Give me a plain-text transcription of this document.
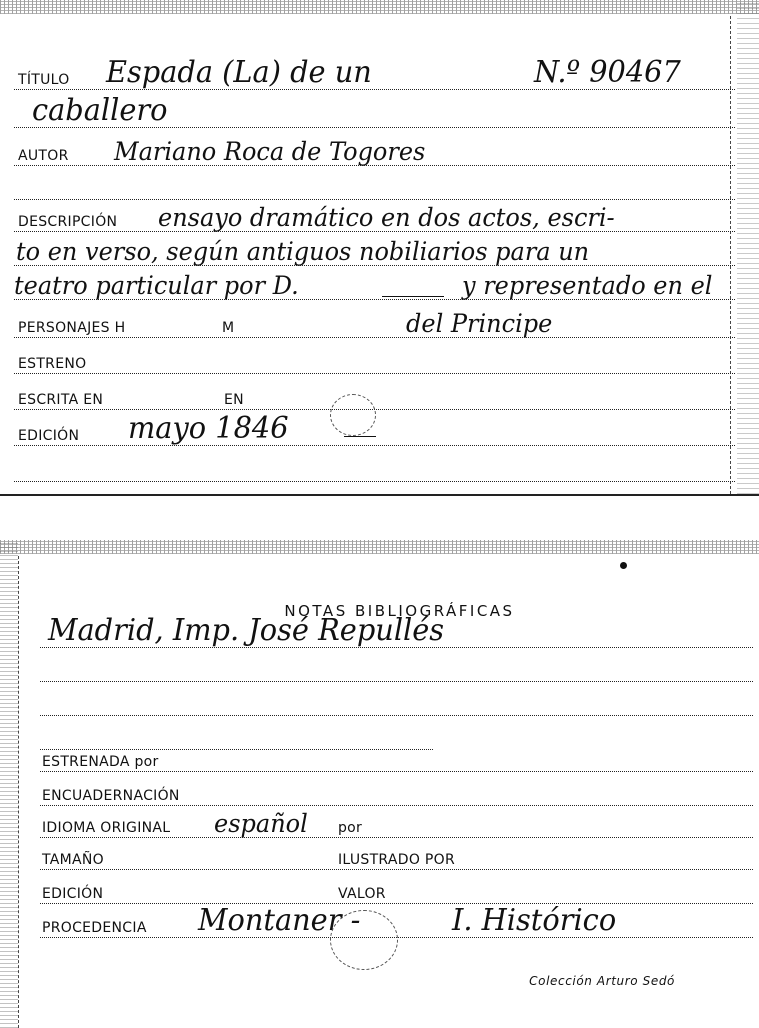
TÍTULO Espada (La) de un	N.º 90467
caballero
AUTOR Mariano Roca de Togores
DESCRIPCIÓN ensayo dramático en dos actos, escri-
to en verso, según antiguos nobiliarios para un
teatro particular por D.	y representado en el
PERSONAJES H	M	del Principe
ESTRENO
ESCRITA EN	EN
EDICIÓN mayo 1846
NOTAS BIBLIOGRÁFICAS
Madrid, Imp. José Repullés
ESTRENADA por
ENCUADERNACIÓN
IDIOMA ORIGINAL español por
TAMAÑO	ILUSTRADO POR
EDICIÓN	VALOR
PROCEDENCIA Montaner -	I. Histórico
Colección Arturo Sedó
